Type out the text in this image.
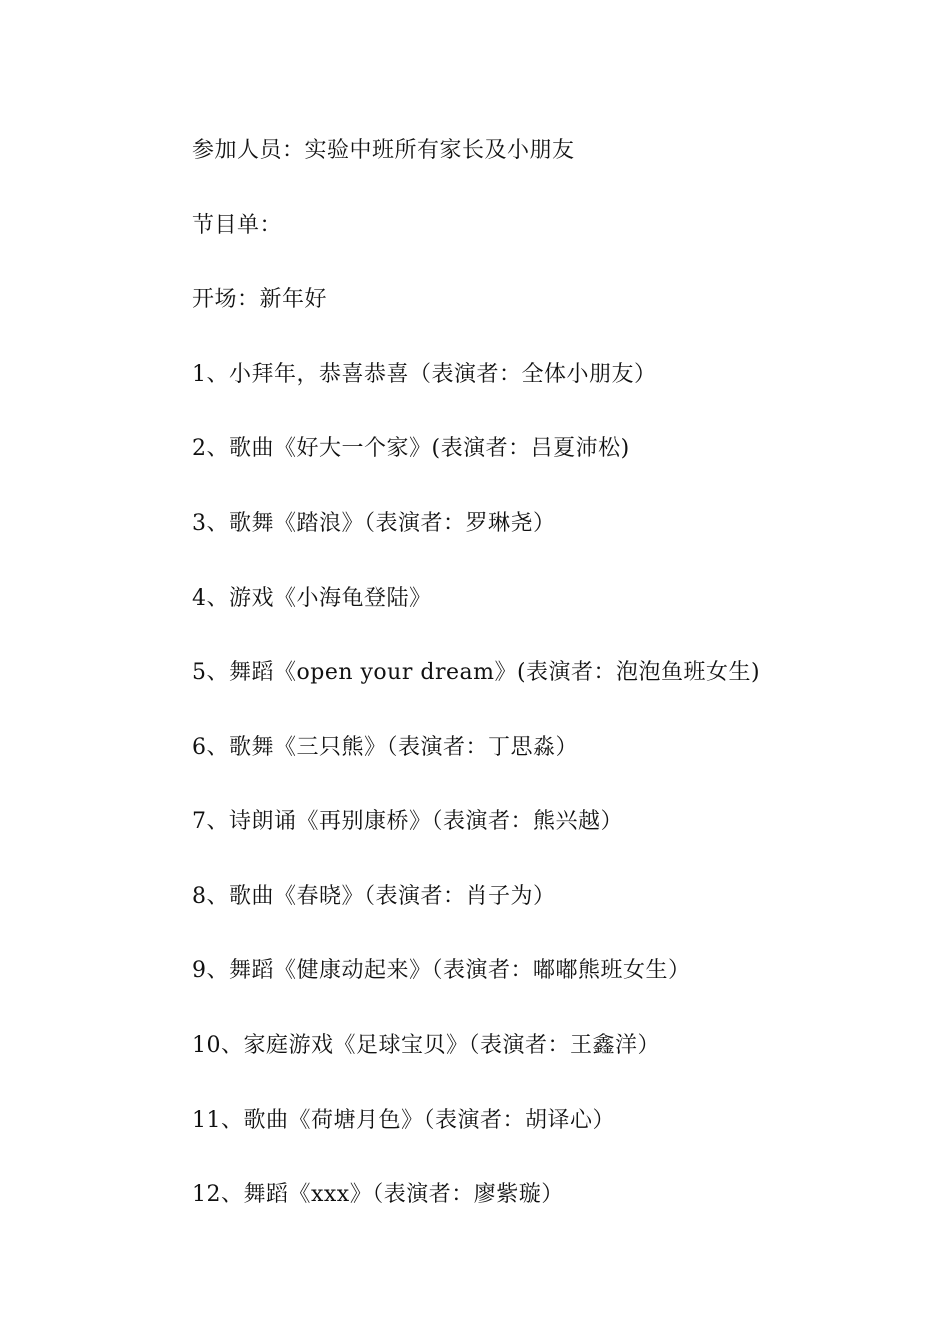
参加人员：实验中班所有家长及小朋友

节目单：

开场：新年好

1、小拜年，恭喜恭喜（表演者：全体小朋友）

2、歌曲《好大一个家》(表演者：吕夏沛松)

3、歌舞《踏浪》（表演者：罗琳尧）

4、游戏《小海龟登陆》

5、舞蹈《open your dream》(表演者：泡泡鱼班女生)

6、歌舞《三只熊》（表演者：丁思淼）

7、诗朗诵《再别康桥》（表演者：熊兴越）

8、歌曲《春晓》（表演者：肖子为）

9、舞蹈《健康动起来》（表演者：嘟嘟熊班女生）

10、家庭游戏《足球宝贝》（表演者：王鑫洋）

11、歌曲《荷塘月色》（表演者：胡译心）

12、舞蹈《xxx》（表演者：廖紫璇）
